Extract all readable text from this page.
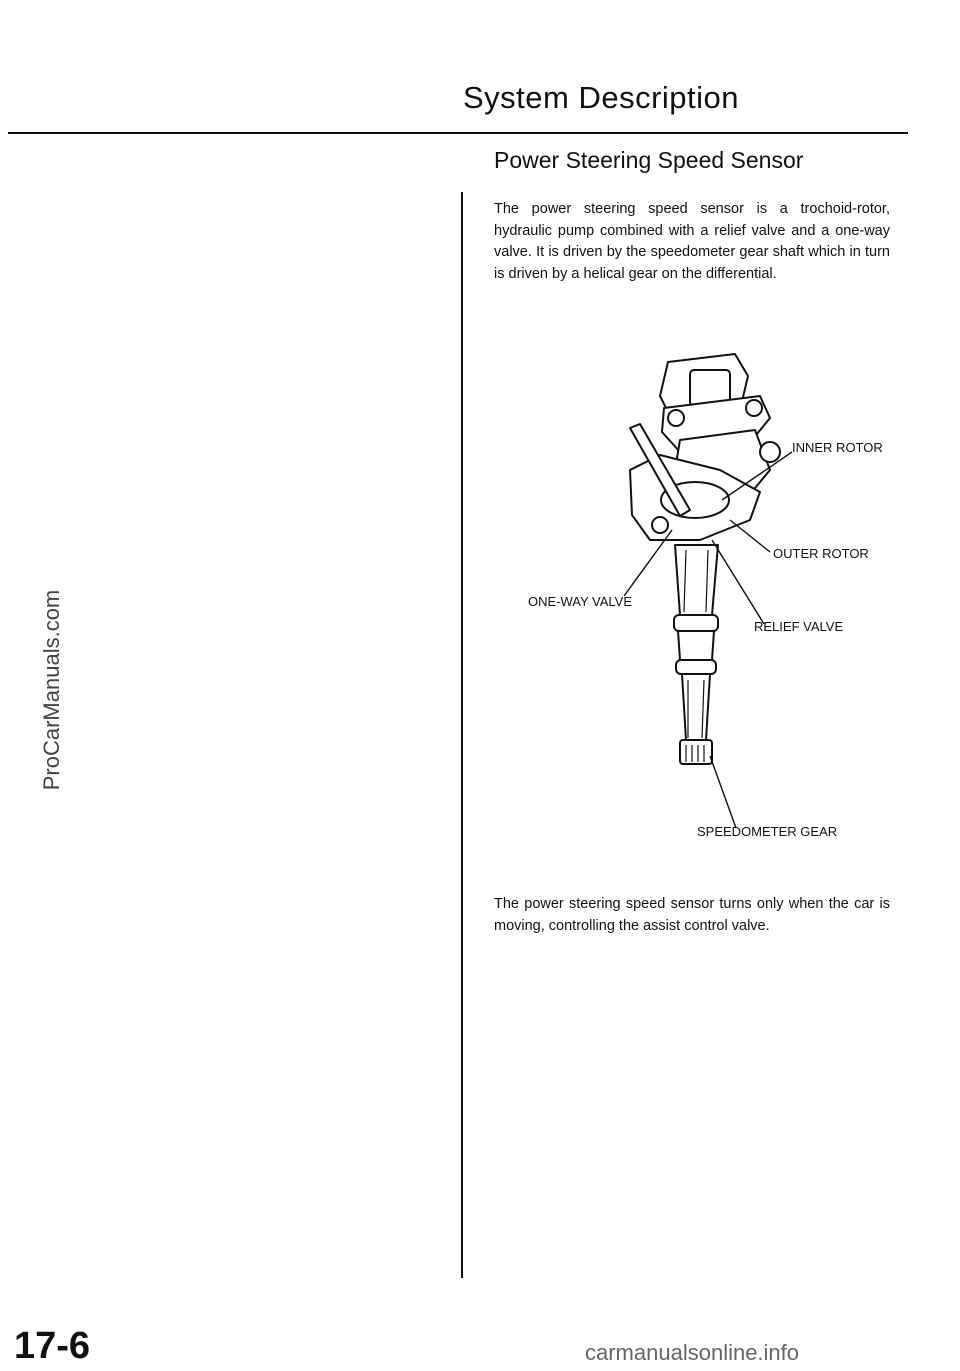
System Description
Power Steering Speed Sensor
The power steering speed sensor is a trochoid-rotor, hydraulic pump combined with a relief valve and a one-way valve. It is driven by the speedometer gear shaft which in turn is driven by a helical gear on the differential.
INNER ROTOR
OUTER ROTOR
ONE-WAY VALVE
RELIEF VALVE
SPEEDOMETER GEAR
The power steering speed sensor turns only when the car is moving, controlling the assist control valve.
ProCarManuals.com
17-6	carmanualsonline.info
